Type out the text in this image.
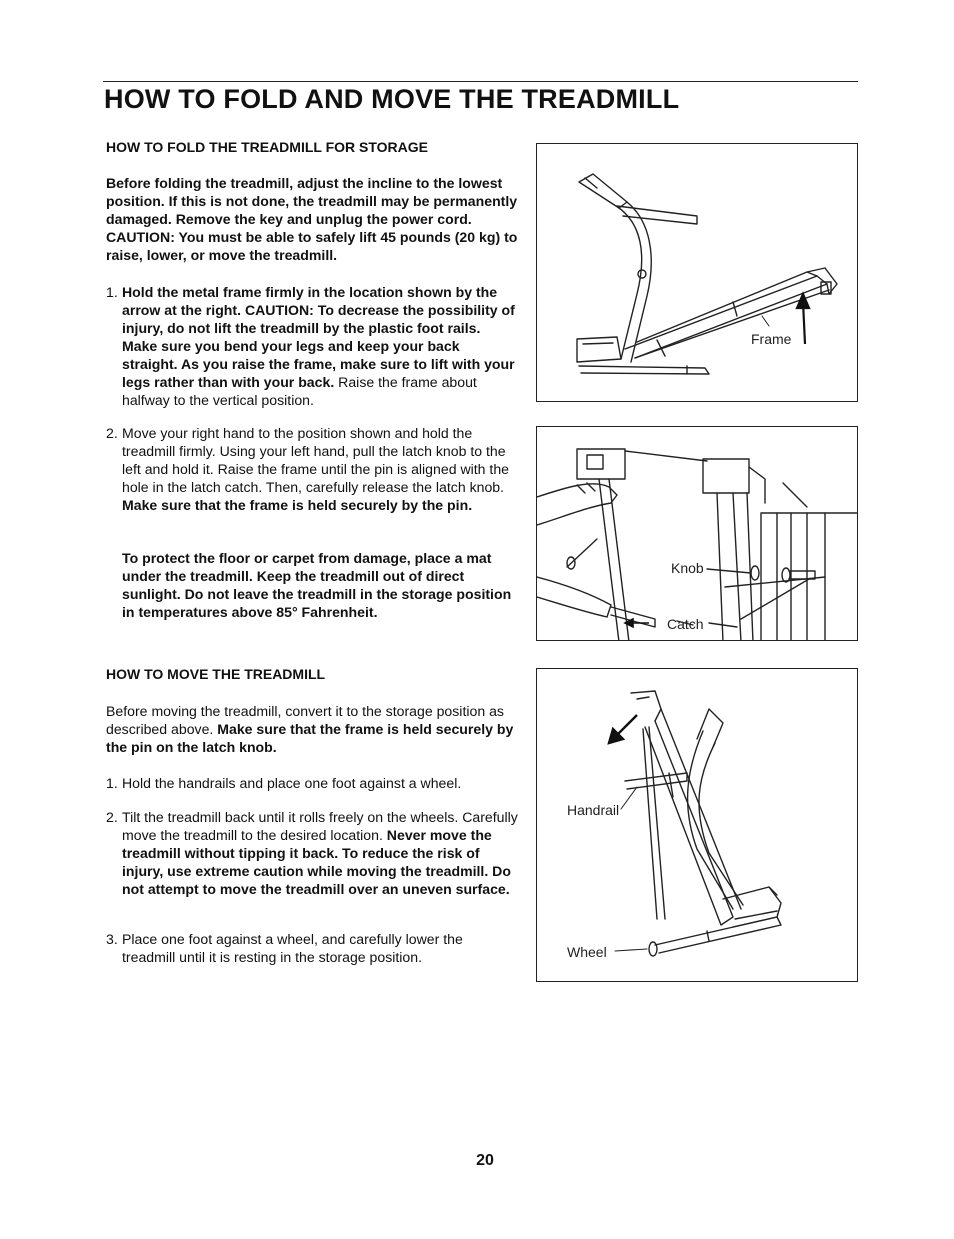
HOW TO FOLD AND MOVE THE TREADMILL
HOW TO FOLD THE TREADMILL FOR STORAGE

Before folding the treadmill, adjust the incline to the lowest position. If this is not done, the treadmill may be permanently damaged. Remove the key and unplug the power cord. CAUTION: You must be able to safely lift 45 pounds (20 kg) to raise, lower, or move the treadmill.

1. Hold the metal frame firmly in the location shown by the arrow at the right. CAUTION: To decrease the possibility of injury, do not lift the treadmill by the plastic foot rails. Make sure you bend your legs and keep your back straight. As you raise the frame, make sure to lift with your legs rather than with your back. Raise the frame about halfway to the vertical position.
2. Move your right hand to the position shown and hold the treadmill firmly. Using your left hand, pull the latch knob to the left and hold it. Raise the frame until the pin is aligned with the hole in the latch catch. Then, carefully release the latch knob. Make sure that the frame is held securely by the pin.

To protect the floor or carpet from damage, place a mat under the treadmill. Keep the treadmill out of direct sunlight. Do not leave the treadmill in the storage position in temperatures above 85° Fahrenheit.

HOW TO MOVE THE TREADMILL

Before moving the treadmill, convert it to the storage position as described above. Make sure that the frame is held securely by the pin on the latch knob.

1. Hold the handrails and place one foot against a wheel.
2. Tilt the treadmill back until it rolls freely on the wheels. Carefully move the treadmill to the desired location. Never move the treadmill without tipping it back. To reduce the risk of injury, use extreme caution while moving the treadmill. Do not attempt to move the treadmill over an uneven surface.
3. Place one foot against a wheel, and carefully lower the treadmill until it is resting in the storage position.
Frame
Knob
Catch
Handrail
Wheel
20
